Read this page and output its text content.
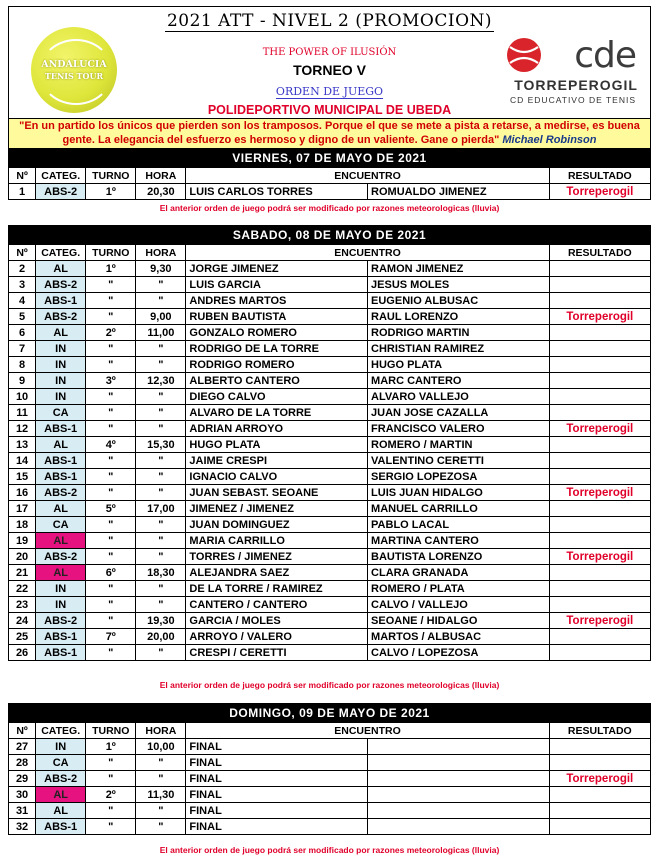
2021 ATT - NIVEL 2 (PROMOCION)
ANDALUCIA
TENIS TOUR
THE POWER OF ILUSIÓN
TORNEO V
ORDEN DE JUEGO
POLIDEPORTIVO MUNICIPAL DE UBEDA
cde
TORREPEROGIL
CD EDUCATIVO DE TENIS
"En un partido los únicos que pierden son los tramposos. Porque el que se mete a pista a retarse, a medirse, es buena gente. La elegancia del esfuerzo es hermoso y digno de un valiente. Gane o pierda" Michael Robinson
VIERNES, 07 DE MAYO DE 2021						
Nº	CATEG.	TURNO	HORA	ENCUENTRO		RESULTADO
1	ABS-2	1º	20,30	LUIS CARLOS TORRES	ROMUALDO JIMENEZ	Torreperogil
El anterior orden de juego podrá ser modificado por razones meteorologicas (lluvia)
SABADO, 08 DE MAYO DE 2021						
Nº	CATEG.	TURNO	HORA	ENCUENTRO		RESULTADO
2	AL	1º	9,30	JORGE JIMENEZ	RAMON JIMENEZ	
3	ABS-2	"	"	LUIS GARCIA	JESUS MOLES	
4	ABS-1	"	"	ANDRES MARTOS	EUGENIO ALBUSAC	
5	ABS-2	"	9,00	RUBEN BAUTISTA	RAUL LORENZO	Torreperogil
6	AL	2º	11,00	GONZALO ROMERO	RODRIGO MARTIN	
7	IN	"	"	RODRIGO DE LA TORRE	CHRISTIAN RAMIREZ	
8	IN	"	"	RODRIGO ROMERO	HUGO PLATA	
9	IN	3º	12,30	ALBERTO CANTERO	MARC CANTERO	
10	IN	"	"	DIEGO CALVO	ALVARO VALLEJO	
11	CA	"	"	ALVARO DE LA TORRE	JUAN JOSE CAZALLA	
12	ABS-1	"	"	ADRIAN ARROYO	FRANCISCO VALERO	Torreperogil
13	AL	4º	15,30	HUGO PLATA	ROMERO / MARTIN	
14	ABS-1	"	"	JAIME CRESPI	VALENTINO CERETTI	
15	ABS-1	"	"	IGNACIO CALVO	SERGIO LOPEZOSA	
16	ABS-2	"	"	JUAN SEBAST. SEOANE	LUIS JUAN HIDALGO	Torreperogil
17	AL	5º	17,00	JIMENEZ / JIMENEZ	MANUEL CARRILLO	
18	CA	"	"	JUAN DOMINGUEZ	PABLO LACAL	
19	AL	"	"	MARIA CARRILLO	MARTINA CANTERO	
20	ABS-2	"	"	TORRES / JIMENEZ	BAUTISTA LORENZO	Torreperogil
21	AL	6º	18,30	ALEJANDRA SAEZ	CLARA GRANADA	
22	IN	"	"	DE LA TORRE / RAMIREZ	ROMERO / PLATA	
23	IN	"	"	CANTERO / CANTERO	CALVO / VALLEJO	
24	ABS-2	"	19,30	GARCIA / MOLES	SEOANE / HIDALGO	Torreperogil
25	ABS-1	7º	20,00	ARROYO / VALERO	MARTOS / ALBUSAC	
26	ABS-1	"	"	CRESPI / CERETTI	CALVO / LOPEZOSA	
El anterior orden de juego podrá ser modificado por razones meteorologicas (lluvia)
DOMINGO, 09 DE MAYO DE 2021						
Nº	CATEG.	TURNO	HORA	ENCUENTRO		RESULTADO
27	IN	1º	10,00	FINAL		
28	CA	"	"	FINAL		
29	ABS-2	"	"	FINAL		Torreperogil
30	AL	2º	11,30	FINAL		
31	AL	"	"	FINAL		
32	ABS-1	"	"	FINAL		
El anterior orden de juego podrá ser modificado por razones meteorologicas (lluvia)
